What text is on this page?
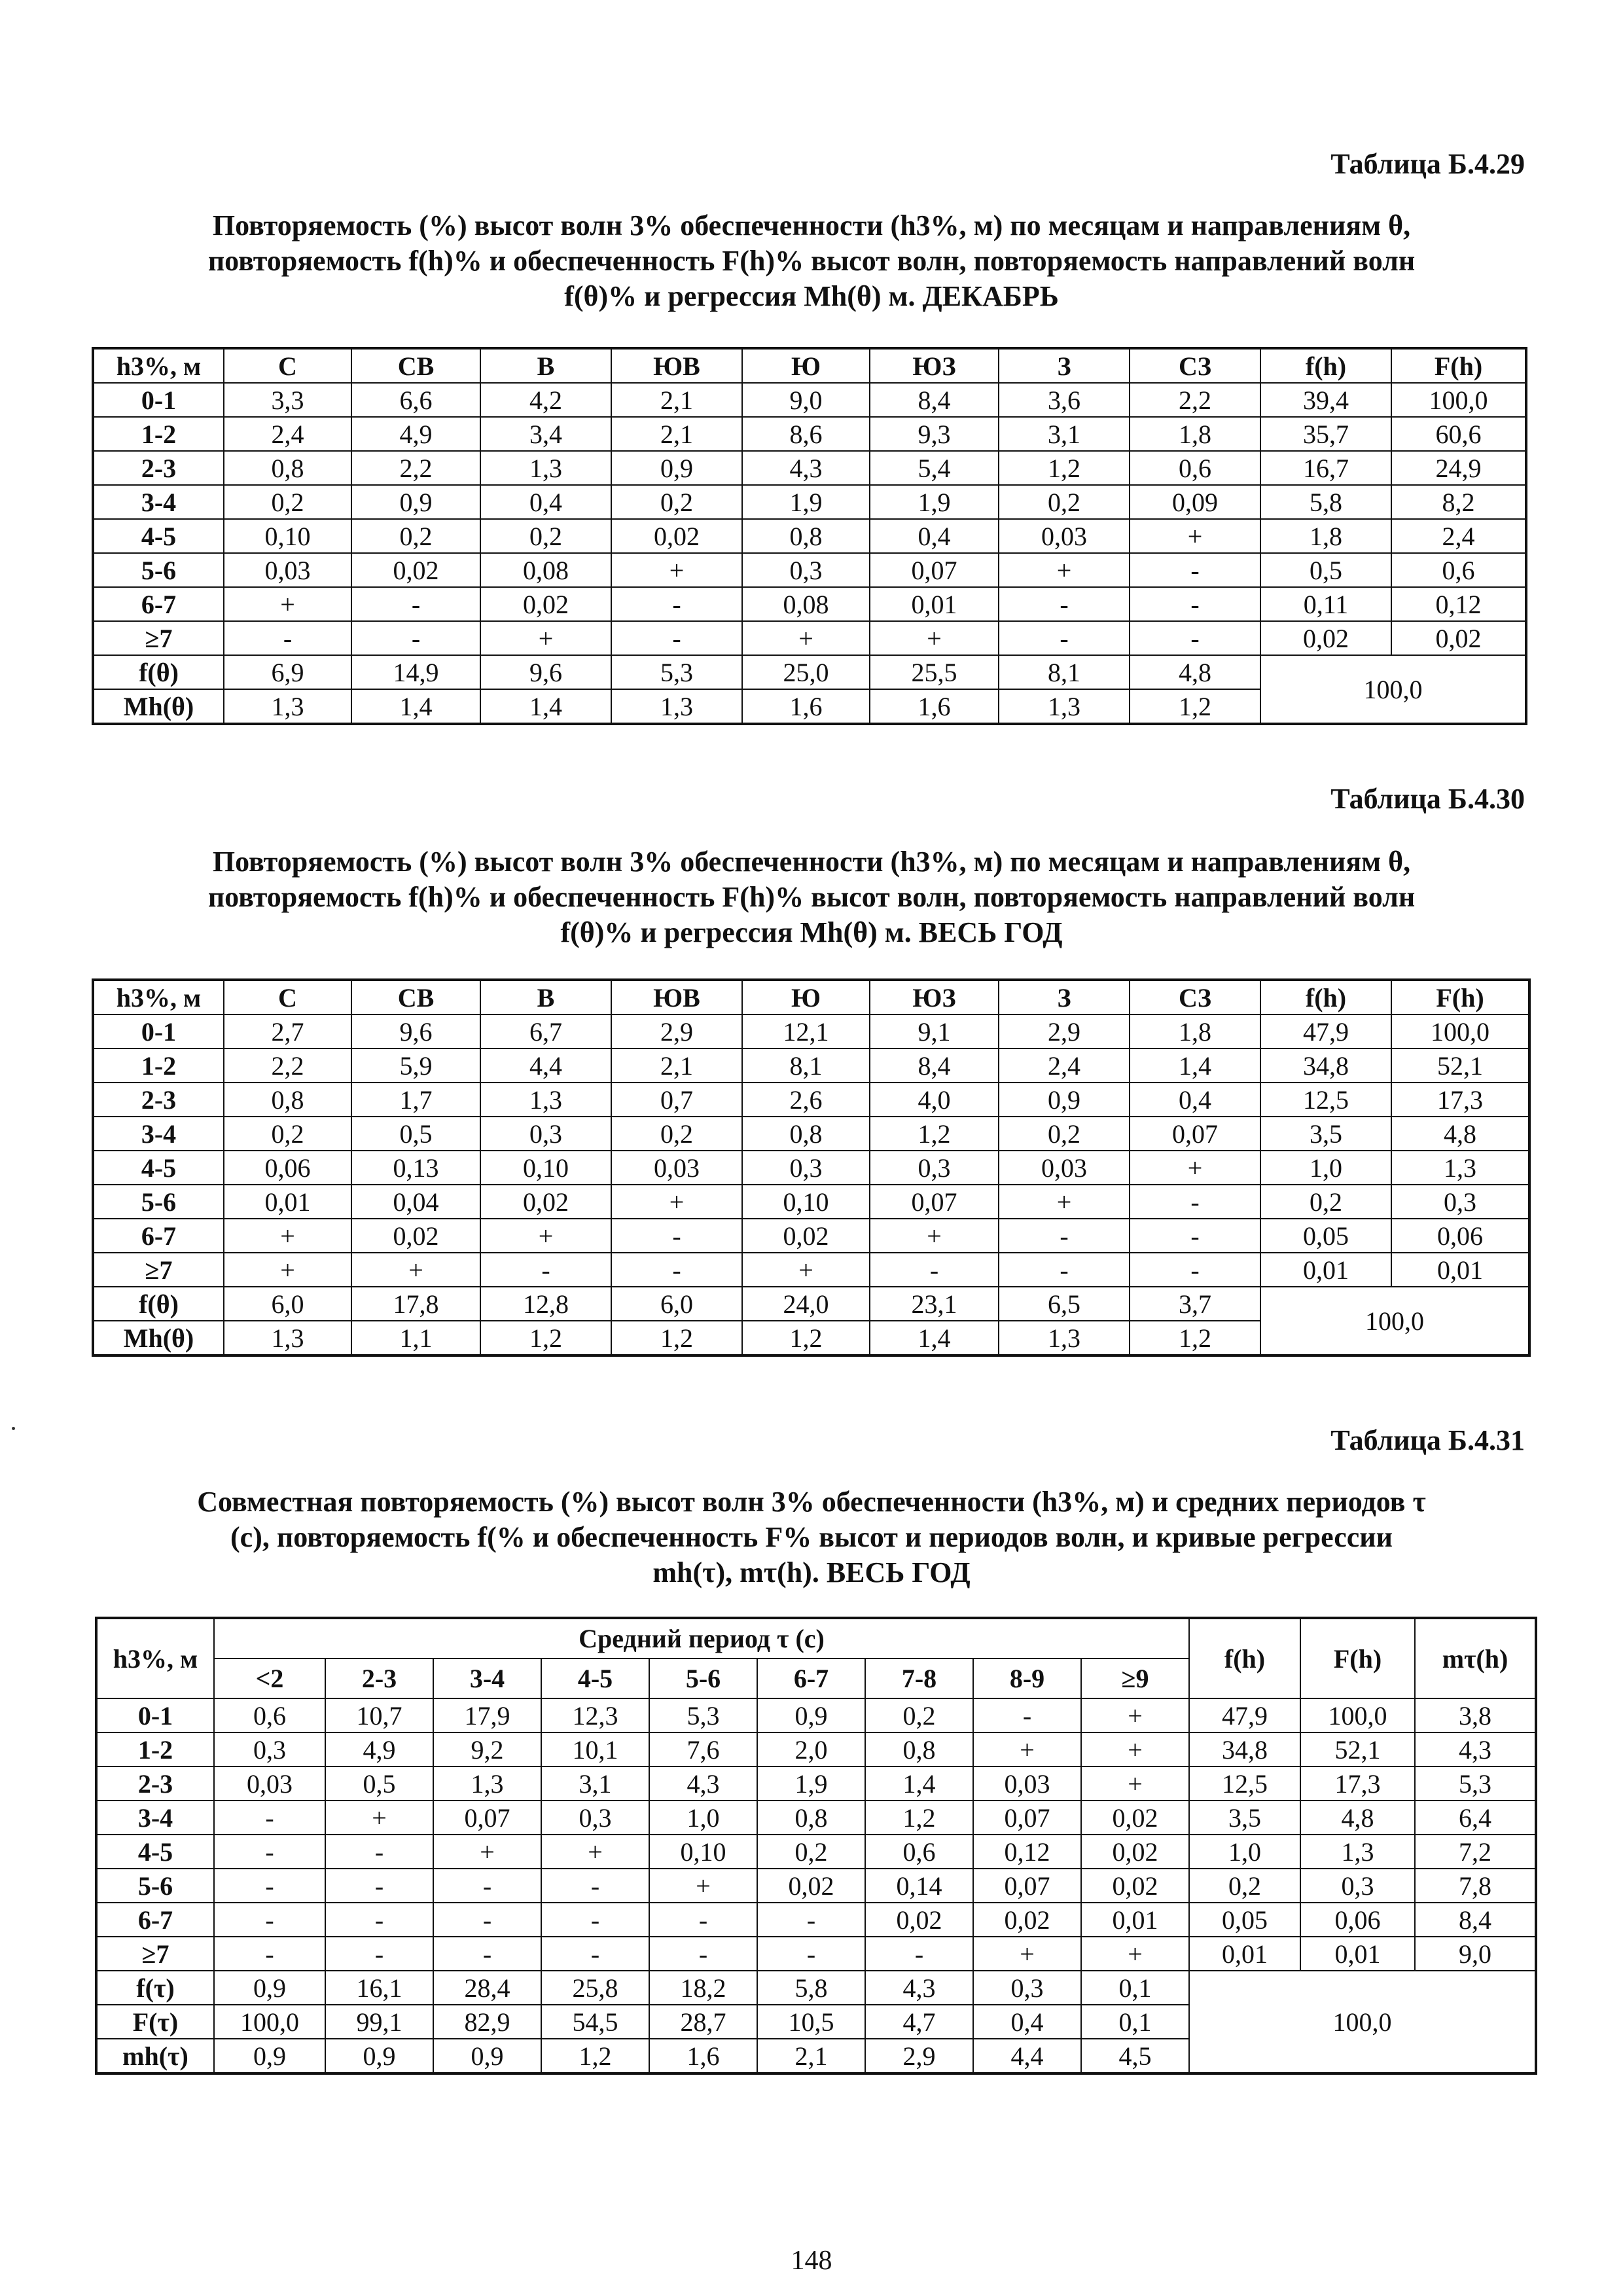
Таблица Б.4.29
Повторяемость (%) высот волн 3% обеспеченности (h3%, м) по месяцам и направлениям θ,
повторяемость f(h)% и обеспеченность F(h)% высот волн, повторяемость направлений волн
f(θ)% и регрессия Mh(θ) м. ДЕКАБРЬ
h3%, м	С	СВ	В	ЮВ	Ю	ЮЗ	З	СЗ	f(h)	F(h)
0-1	3,3	6,6	4,2	2,1	9,0	8,4	3,6	2,2	39,4	100,0
1-2	2,4	4,9	3,4	2,1	8,6	9,3	3,1	1,8	35,7	60,6
2-3	0,8	2,2	1,3	0,9	4,3	5,4	1,2	0,6	16,7	24,9
3-4	0,2	0,9	0,4	0,2	1,9	1,9	0,2	0,09	5,8	8,2
4-5	0,10	0,2	0,2	0,02	0,8	0,4	0,03	+	1,8	2,4
5-6	0,03	0,02	0,08	+	0,3	0,07	+	-	0,5	0,6
6-7	+	-	0,02	-	0,08	0,01	-	-	0,11	0,12
≥7	-	-	+	-	+	+	-	-	0,02	0,02
f(θ)	6,9	14,9	9,6	5,3	25,0	25,5	8,1	4,8	100,0	
Mh(θ)	1,3	1,4	1,4	1,3	1,6	1,6	1,3	1,2		
Таблица Б.4.30
Повторяемость (%) высот волн 3% обеспеченности (h3%, м) по месяцам и направлениям θ,
повторяемость f(h)% и обеспеченность F(h)% высот волн, повторяемость направлений волн
f(θ)% и регрессия Mh(θ) м. ВЕСЬ ГОД
h3%, м	С	СВ	В	ЮВ	Ю	ЮЗ	З	СЗ	f(h)	F(h)
0-1	2,7	9,6	6,7	2,9	12,1	9,1	2,9	1,8	47,9	100,0
1-2	2,2	5,9	4,4	2,1	8,1	8,4	2,4	1,4	34,8	52,1
2-3	0,8	1,7	1,3	0,7	2,6	4,0	0,9	0,4	12,5	17,3
3-4	0,2	0,5	0,3	0,2	0,8	1,2	0,2	0,07	3,5	4,8
4-5	0,06	0,13	0,10	0,03	0,3	0,3	0,03	+	1,0	1,3
5-6	0,01	0,04	0,02	+	0,10	0,07	+	-	0,2	0,3
6-7	+	0,02	+	-	0,02	+	-	-	0,05	0,06
≥7	+	+	-	-	+	-	-	-	0,01	0,01
f(θ)	6,0	17,8	12,8	6,0	24,0	23,1	6,5	3,7	100,0	
Mh(θ)	1,3	1,1	1,2	1,2	1,2	1,4	1,3	1,2		
Таблица Б.4.31
Совместная повторяемость (%) высот волн 3% обеспеченности (h3%, м) и средних периодов τ
(c), повторяемость f(% и обеспеченность F% высот и периодов волн, и кривые регрессии
mh(τ), mτ(h). ВЕСЬ ГОД
h3%, м	Средний период τ (с)									f(h)	F(h)	mτ(h)
	<2	2-3	3-4	4-5	5-6	6-7	7-8	8-9	≥9			
0-1	0,6	10,7	17,9	12,3	5,3	0,9	0,2	-	+	47,9	100,0	3,8
1-2	0,3	4,9	9,2	10,1	7,6	2,0	0,8	+	+	34,8	52,1	4,3
2-3	0,03	0,5	1,3	3,1	4,3	1,9	1,4	0,03	+	12,5	17,3	5,3
3-4	-	+	0,07	0,3	1,0	0,8	1,2	0,07	0,02	3,5	4,8	6,4
4-5	-	-	+	+	0,10	0,2	0,6	0,12	0,02	1,0	1,3	7,2
5-6	-	-	-	-	+	0,02	0,14	0,07	0,02	0,2	0,3	7,8
6-7	-	-	-	-	-	-	0,02	0,02	0,01	0,05	0,06	8,4
≥7	-	-	-	-	-	-	-	+	+	0,01	0,01	9,0
f(τ)	0,9	16,1	28,4	25,8	18,2	5,8	4,3	0,3	0,1	100,0		
F(τ)	100,0	99,1	82,9	54,5	28,7	10,5	4,7	0,4	0,1			
mh(τ)	0,9	0,9	0,9	1,2	1,6	2,1	2,9	4,4	4,5			
148
